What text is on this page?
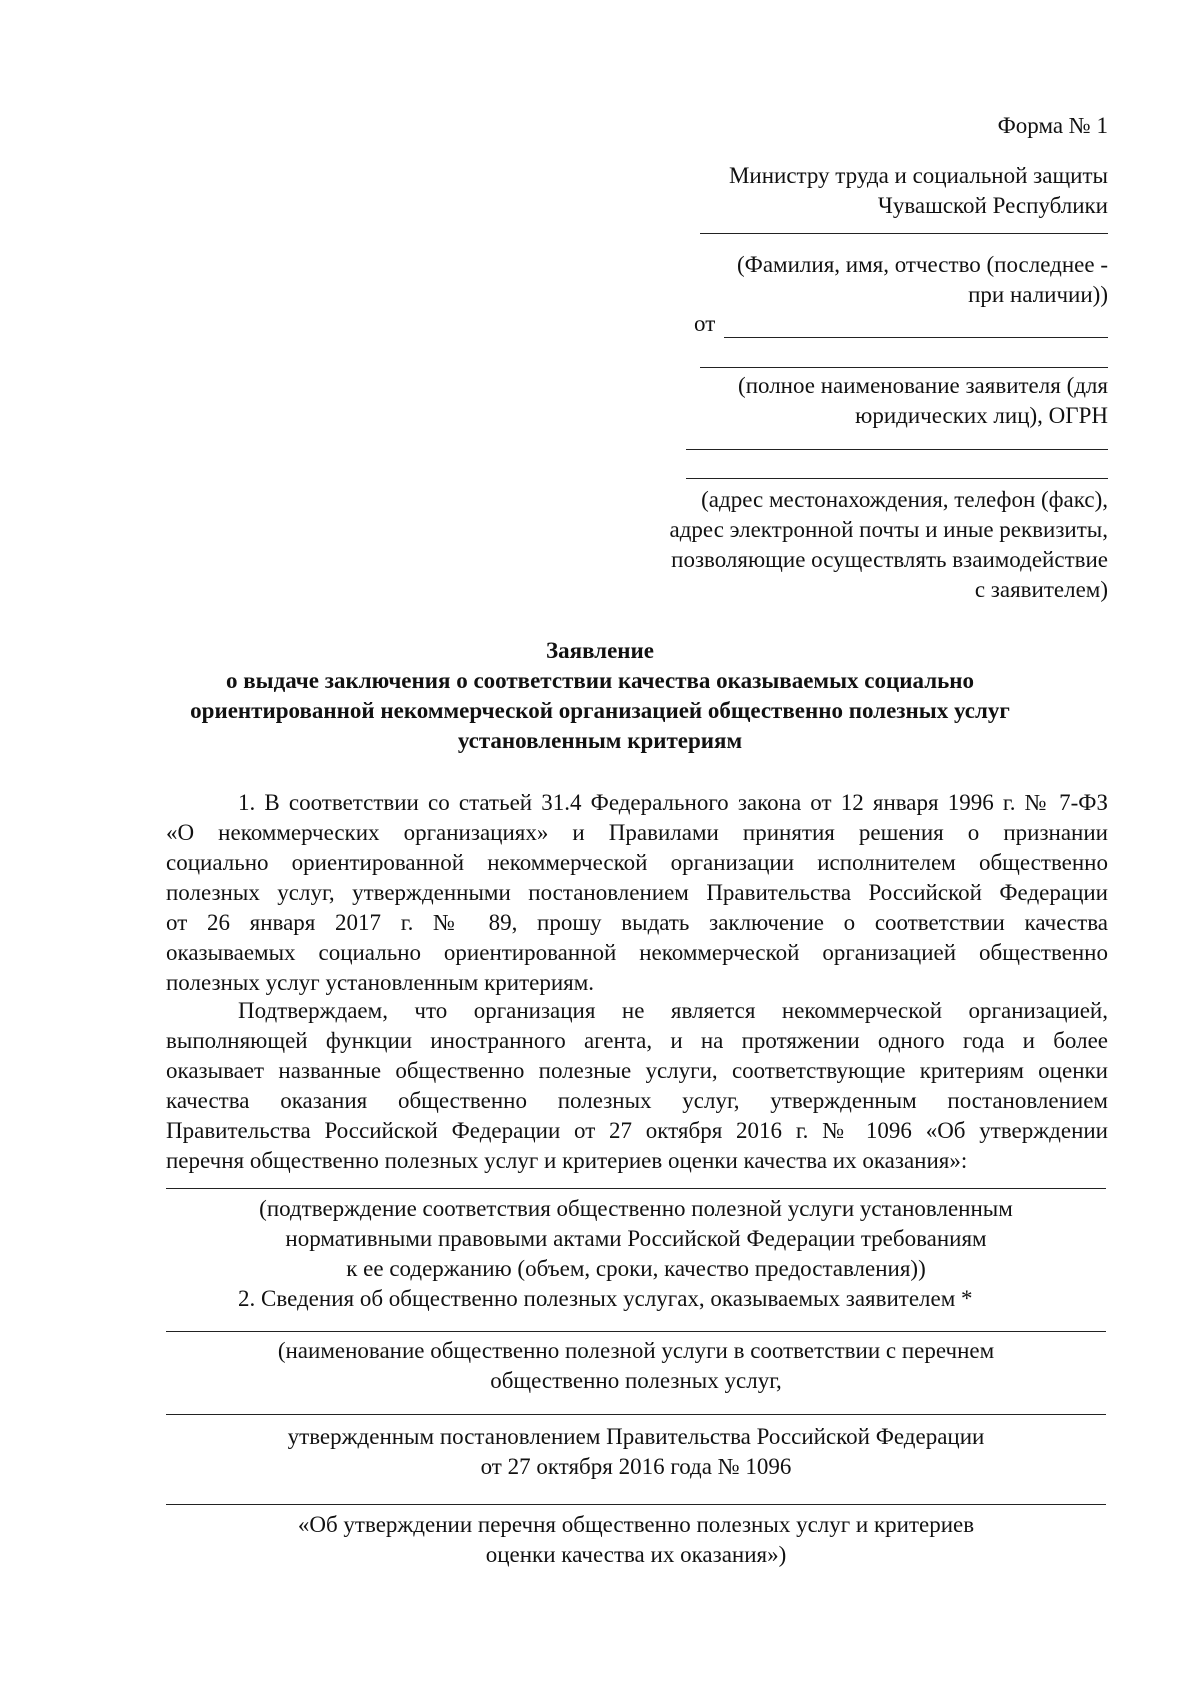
Форма № 1
Министру труда и социальной защиты
Чувашской Республики
(Фамилия, имя, отчество (последнее -
при наличии))
от
(полное наименование заявителя (для
юридических лиц), ОГРН
(адрес местонахождения, телефон (факс),
адрес электронной почты и иные реквизиты,
позволяющие осуществлять взаимодействие
с заявителем)
Заявление
о выдаче заключения о соответствии качества оказываемых социально
ориентированной некоммерческой организацией общественно полезных услуг
установленным критериям
1. В соответствии со статьей 31.4 Федерального закона от 12 января 1996 г. № 7-ФЗ
«О некоммерческих организациях» и Правилами принятия решения о признании
социально ориентированной некоммерческой организации исполнителем общественно
полезных услуг, утвержденными постановлением Правительства Российской Федерации
от 26 января 2017 г. № 89, прошу выдать заключение о соответствии качества
оказываемых социально ориентированной некоммерческой организацией общественно
полезных услуг установленным критериям.
Подтверждаем, что организация не является некоммерческой организацией,
выполняющей функции иностранного агента, и на протяжении одного года и более
оказывает названные общественно полезные услуги, соответствующие критериям оценки
качества оказания общественно полезных услуг, утвержденным постановлением
Правительства Российской Федерации от 27 октября 2016 г. № 1096 «Об утверждении
перечня общественно полезных услуг и критериев оценки качества их оказания»:
(подтверждение соответствия общественно полезной услуги установленным
нормативными правовыми актами Российской Федерации требованиям
к ее содержанию (объем, сроки, качество предоставления))
2. Сведения об общественно полезных услугах, оказываемых заявителем *
(наименование общественно полезной услуги в соответствии с перечнем
общественно полезных услуг,
утвержденным постановлением Правительства Российской Федерации
от 27 октября 2016 года № 1096
«Об утверждении перечня общественно полезных услуг и критериев
оценки качества их оказания»)
